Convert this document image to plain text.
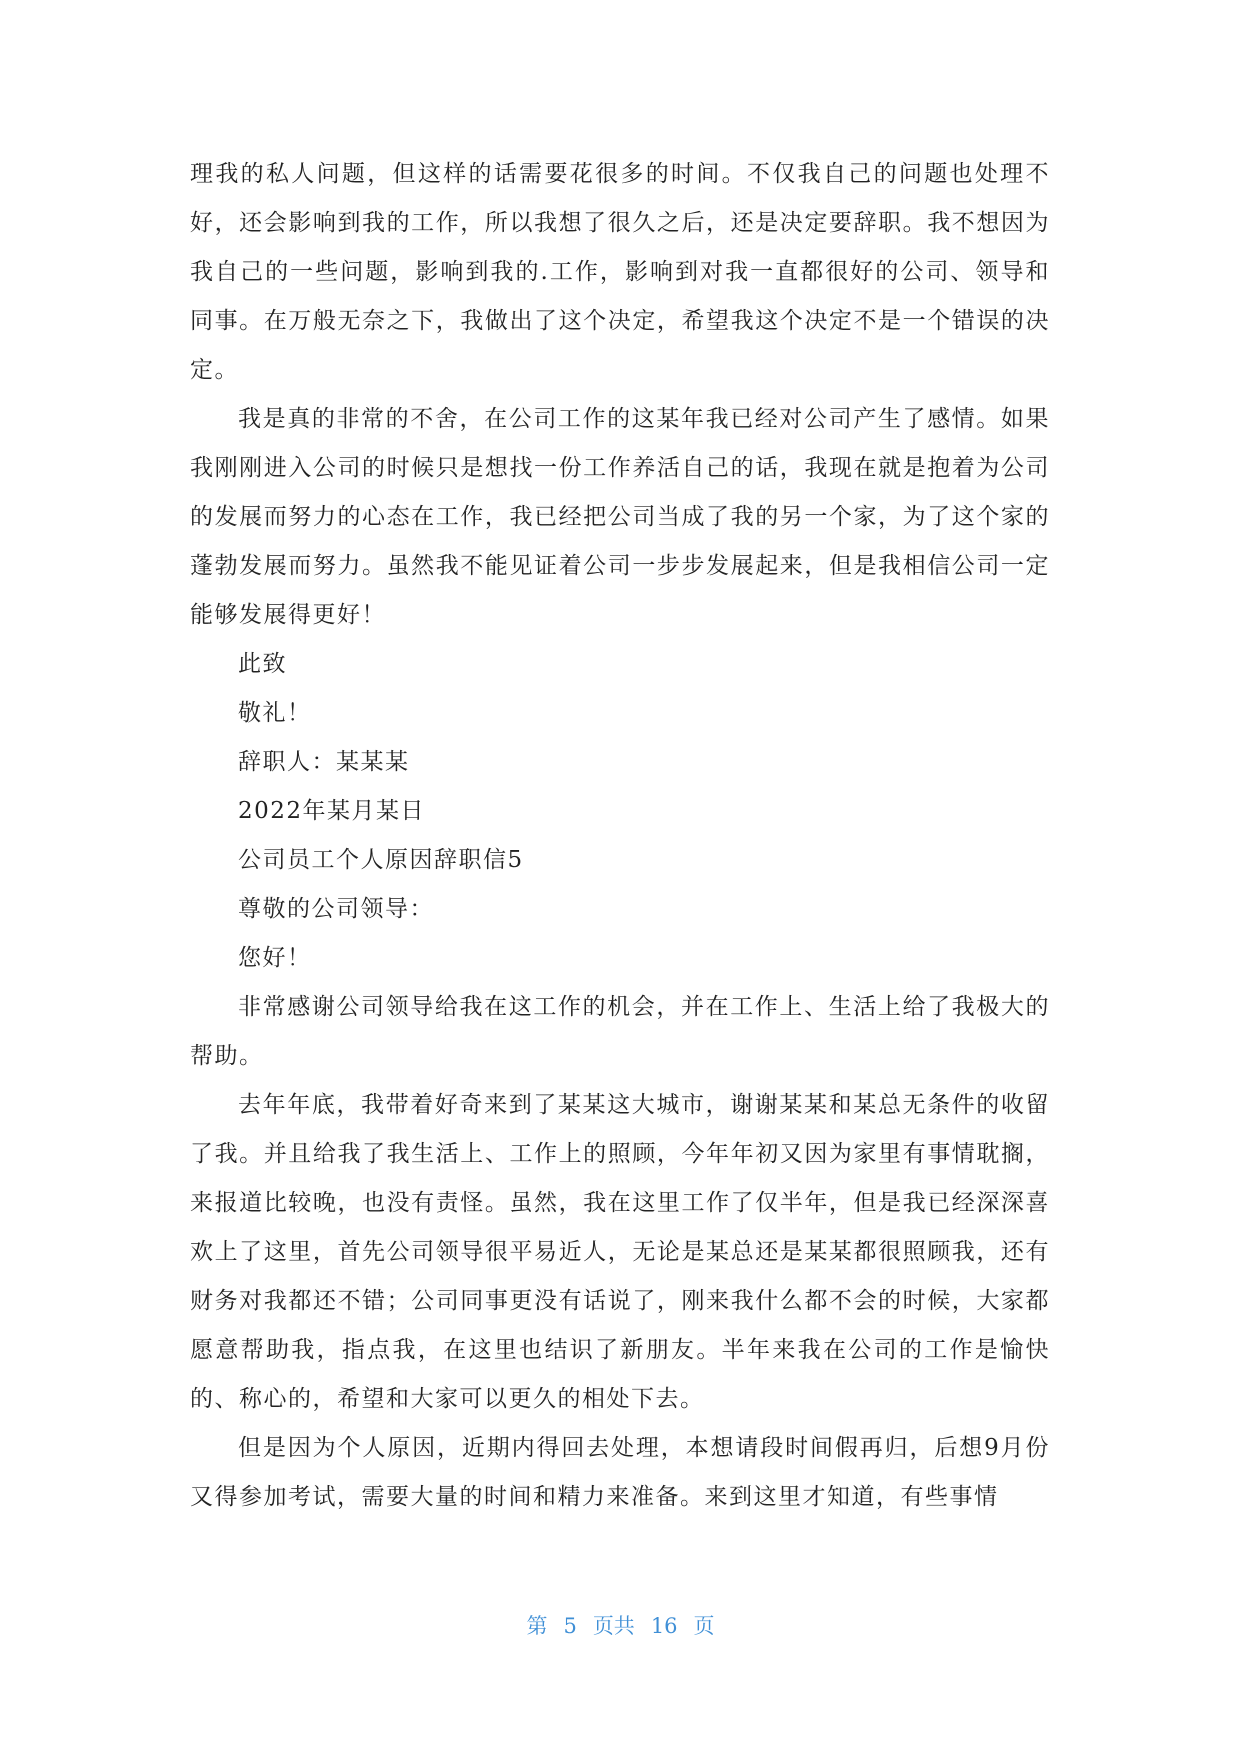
理我的私人问题，但这样的话需要花很多的时间。不仅我自己的问题也处理不好，还会影响到我的工作，所以我想了很久之后，还是决定要辞职。我不想因为我自己的一些问题，影响到我的.工作，影响到对我一直都很好的公司、领导和同事。在万般无奈之下，我做出了这个决定，希望我这个决定不是一个错误的决定。

我是真的非常的不舍，在公司工作的这某年我已经对公司产生了感情。如果我刚刚进入公司的时候只是想找一份工作养活自己的话，我现在就是抱着为公司的发展而努力的心态在工作，我已经把公司当成了我的另一个家，为了这个家的蓬勃发展而努力。虽然我不能见证着公司一步步发展起来，但是我相信公司一定能够发展得更好！

此致

敬礼！

辞职人：某某某

2022年某月某日

公司员工个人原因辞职信5

尊敬的公司领导：

您好！

非常感谢公司领导给我在这工作的机会，并在工作上、生活上给了我极大的帮助。

去年年底，我带着好奇来到了某某这大城市，谢谢某某和某总无条件的收留了我。并且给我了我生活上、工作上的照顾，今年年初又因为家里有事情耽搁，来报道比较晚，也没有责怪。虽然，我在这里工作了仅半年，但是我已经深深喜欢上了这里，首先公司领导很平易近人，无论是某总还是某某都很照顾我，还有财务对我都还不错；公司同事更没有话说了，刚来我什么都不会的时候，大家都愿意帮助我，指点我，在这里也结识了新朋友。半年来我在公司的工作是愉快的、称心的，希望和大家可以更久的相处下去。

但是因为个人原因，近期内得回去处理，本想请段时间假再归，后想9月份又得参加考试，需要大量的时间和精力来准备。来到这里才知道，有些事情

第 5 页共 16 页
